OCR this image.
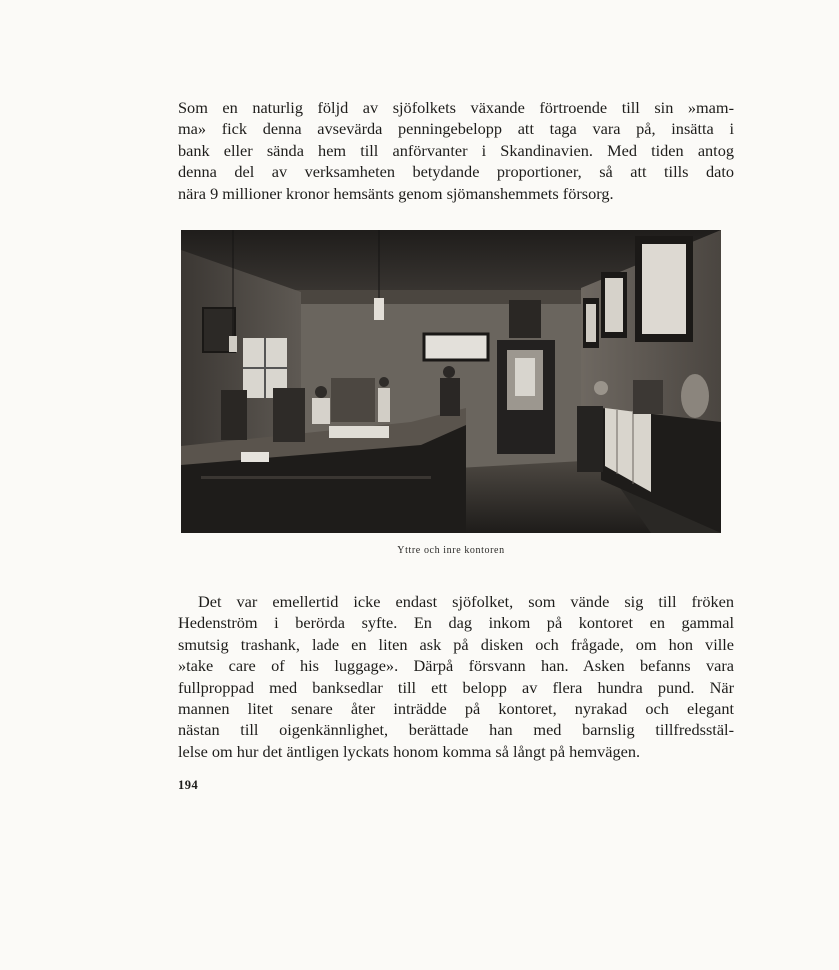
Som en naturlig följd av sjöfolkets växande förtroende till sin »mam-
ma» fick denna avsevärda penningebelopp att taga vara på, insätta i
bank eller sända hem till anförvanter i Skandinavien. Med tiden antog
denna del av verksamheten betydande proportioner, så att tills dato
nära 9 millioner kronor hemsänts genom sjömanshemmets försorg.
Yttre och inre kontoren
Det var emellertid icke endast sjöfolket, som vände sig till fröken
Hedenström i berörda syfte. En dag inkom på kontoret en gammal
smutsig trashank, lade en liten ask på disken och frågade, om hon ville
»take care of his luggage». Därpå försvann han. Asken befanns vara
fullproppad med banksedlar till ett belopp av flera hundra pund. När
mannen litet senare åter inträdde på kontoret, nyrakad och elegant
nästan till oigenkännlighet, berättade han med barnslig tillfredsstäl-
lelse om hur det äntligen lyckats honom komma så långt på hemvägen.
194
